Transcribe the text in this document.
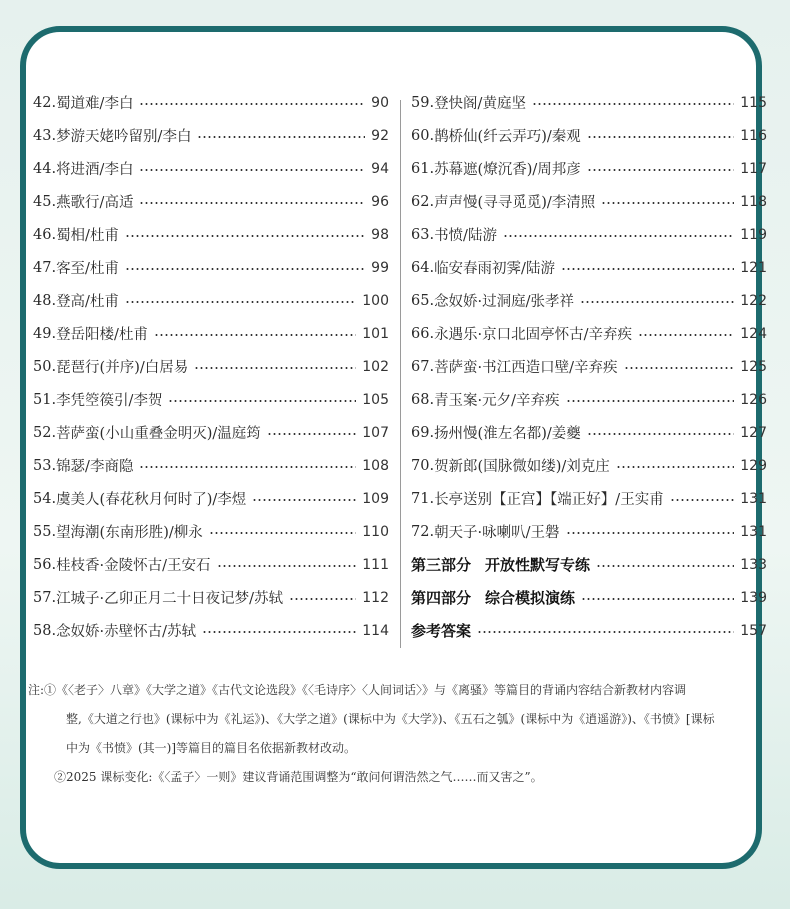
42. 蜀道难/李白	90
43. 梦游天姥吟留别/李白	92
44. 将进酒/李白	94
45. 燕歌行/高适	96
46. 蜀相/杜甫	98
47. 客至/杜甫	99
48. 登高/杜甫	100
49. 登岳阳楼/杜甫	101
50. 琵琶行(并序)/白居易	102
51. 李凭箜篌引/李贺	105
52. 菩萨蛮(小山重叠金明灭)/温庭筠	107
53. 锦瑟/李商隐	108
54. 虞美人(春花秋月何时了)/李煜	109
55. 望海潮(东南形胜)/柳永	110
56. 桂枝香·金陵怀古/王安石	111
57. 江城子·乙卯正月二十日夜记梦/苏轼	112
58. 念奴娇·赤壁怀古/苏轼	114
59. 登快阁/黄庭坚	115
60. 鹊桥仙(纤云弄巧)/秦观	116
61. 苏幕遮(燎沉香)/周邦彦	117
62. 声声慢(寻寻觅觅)/李清照	118
63. 书愤/陆游	119
64. 临安春雨初霁/陆游	121
65. 念奴娇·过洞庭/张孝祥	122
66. 永遇乐·京口北固亭怀古/辛弃疾	124
67. 菩萨蛮·书江西造口壁/辛弃疾	125
68. 青玉案·元夕/辛弃疾	126
69. 扬州慢(淮左名都)/姜夔	127
70. 贺新郎(国脉微如缕)/刘克庄	129
71. 长亭送别【正宫】【端正好】/王实甫	131
72. 朝天子·咏喇叭/王磐	131
第三部分 开放性默写专练	133
第四部分 综合模拟演练	139
参考答案	157

注:①《〈老子〉八章》《大学之道》《古代文论选段》《〈毛诗序〉〈人间词话〉》与《离骚》等篇目的背诵内容结合新教材内容调

整,《大道之行也》(课标中为《礼运》)、《大学之道》(课标中为《大学》)、《五石之瓠》(课标中为《逍遥游》)、《书愤》[课标

中为《书愤》(其一)]等篇目的篇目名依据新教材改动。

②2025 课标变化:《〈孟子〉一则》建议背诵范围调整为“敢问何谓浩然之气……而又害之”。
